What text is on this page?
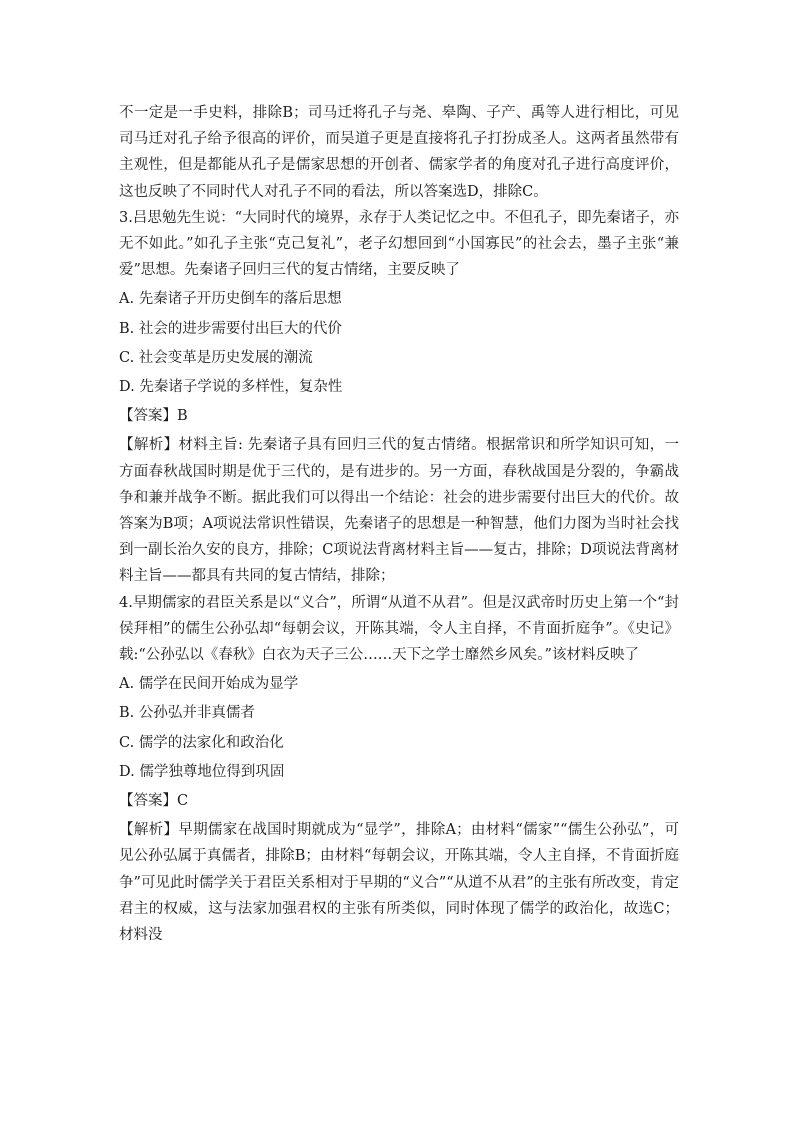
不一定是一手史料，排除B；司马迁将孔子与尧、皋陶、子产、禹等人进行相比，可见司马迁对孔子给予很高的评价，而吴道子更是直接将孔子打扮成圣人。这两者虽然带有主观性，但是都能从孔子是儒家思想的开创者、儒家学者的角度对孔子进行高度评价，这也反映了不同时代人对孔子不同的看法，所以答案选D，排除C。

3.吕思勉先生说：“大同时代的境界，永存于人类记忆之中。不但孔子，即先秦诸子，亦无不如此。”如孔子主张“克己复礼”，老子幻想回到“小国寡民”的社会去，墨子主张“兼爱”思想。先秦诸子回归三代的复古情绪，主要反映了

A. 先秦诸子开历史倒车的落后思想

B. 社会的进步需要付出巨大的代价

C. 社会变革是历史发展的潮流

D. 先秦诸子学说的多样性，复杂性

【答案】B

【解析】材料主旨: 先秦诸子具有回归三代的复古情绪。根据常识和所学知识可知，一方面春秋战国时期是优于三代的，是有进步的。另一方面，春秋战国是分裂的，争霸战争和兼并战争不断。据此我们可以得出一个结论：社会的进步需要付出巨大的代价。故答案为B项；A项说法常识性错误，先秦诸子的思想是一种智慧，他们力图为当时社会找到一副长治久安的良方，排除；C项说法背离材料主旨——复古，排除；D项说法背离材料主旨——都具有共同的复古情结，排除；

4.早期儒家的君臣关系是以“义合”，所谓“从道不从君”。但是汉武帝时历史上第一个“封侯拜相”的儒生公孙弘却“每朝会议，开陈其端，令人主自择，不肯面折庭争”。《史记》载:“公孙弘以《春秋》白衣为天子三公……天下之学士靡然乡风矣。”该材料反映了

A. 儒学在民间开始成为显学

B. 公孙弘并非真儒者

C. 儒学的法家化和政治化

D. 儒学独尊地位得到巩固

【答案】C

【解析】早期儒家在战国时期就成为“显学”，排除A；由材料“儒家”“儒生公孙弘”，可见公孙弘属于真儒者，排除B；由材料“每朝会议，开陈其端，令人主自择，不肯面折庭争”可见此时儒学关于君臣关系相对于早期的“义合”“从道不从君”的主张有所改变，肯定君主的权威，这与法家加强君权的主张有所类似，同时体现了儒学的政治化，故选C；材料没
